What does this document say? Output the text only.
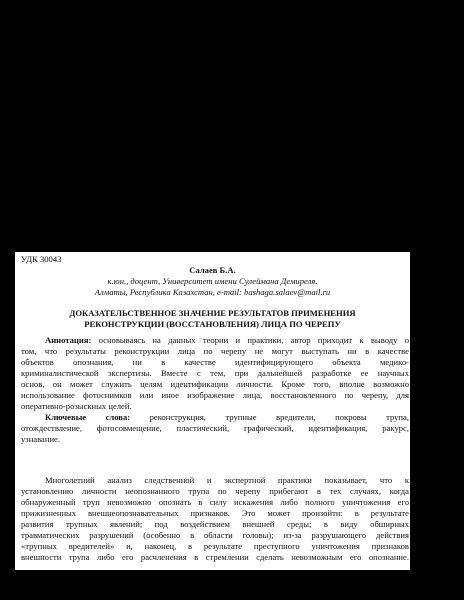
УДК 30043
Салаев Б.А.
к.юн., доцент, Университет имени Сулеймана Демиреля.
Алматы, Республика Казахстан, e-mail: bashaga.salaev@mail.ru
ДОКАЗАТЕЛЬСТВЕННОЕ ЗНАЧЕНИЕ РЕЗУЛЬТАТОВ ПРИМЕНЕНИЯ
РЕКОНСТРУКЦИИ (ВОССТАНОВЛЕНИЯ) ЛИЦА ПО ЧЕРЕПУ
Аннотация: основываясь на данных теории и практики, автор приходит к выводу о
том, что результаты реконструкции лица по черепу не могут выступать ни в качестве
объектов опознания, ни в качестве идентифицирующего объекта медико-
криминалистической экспертизы. Вместе с тем, при дальнейшей разработке ее научных
основ, он может служить целям идентификации личности. Кроме того, вполне возможно
использование фотоснимков или иное изображение лица, восстановленного по черепу, для
оперативно-розыскных целей.
Ключевые слова: реконструкция, трупные вредители, покровы трупа,
отождествление, фотосовмещение, пластический, графический, идентификация, ракурс,
узнавание.
Многолетний анализ следственной и экспертной практики показывает, что к
установлению личности неопознанного трупа по черепу прибегают в тех случаях, когда
обнаруженный труп невозможно опознать в силу искажения либо полного уничтожения его
прижизненных внешнеопознавательных признаков. Это может произойти: в результате
развития трупных явлений; под воздействием внешней среды; в виду обширных
травматических разрушений (особенно в области головы); из-за разрушающего действия
«трупных вредителей» и, наконец, в результате преступного уничтожения признаков
внешности трупа либо его расчленения в стремлении сделать невозможным его опознание.
